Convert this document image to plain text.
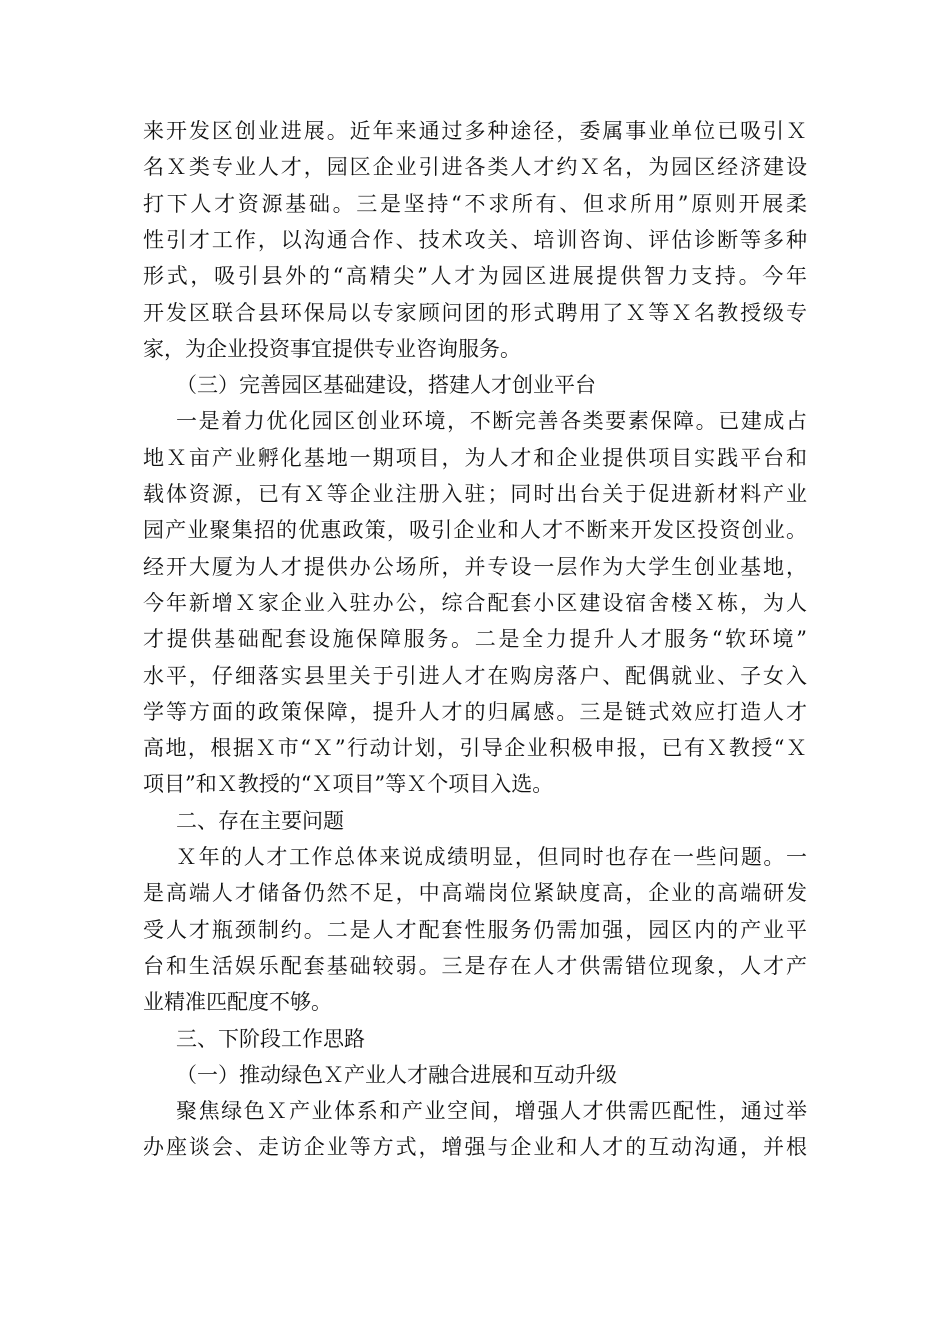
来开发区创业进展。近年来通过多种途径，委属事业单位已吸引Ｘ
名Ｘ类专业人才，园区企业引进各类人才约Ｘ名，为园区经济建设
打下人才资源基础。三是坚持“不求所有、但求所用”原则开展柔
性引才工作，以沟通合作、技术攻关、培训咨询、评估诊断等多种
形式，吸引县外的“高精尖”人才为园区进展提供智力支持。今年
开发区联合县环保局以专家顾问团的形式聘用了Ｘ等Ｘ名教授级专
家，为企业投资事宜提供专业咨询服务。
（三）完善园区基础建设，搭建人才创业平台
一是着力优化园区创业环境，不断完善各类要素保障。已建成占
地Ｘ亩产业孵化基地一期项目，为人才和企业提供项目实践平台和
载体资源，已有Ｘ等企业注册入驻；同时出台关于促进新材料产业
园产业聚集招的优惠政策，吸引企业和人才不断来开发区投资创业。
经开大厦为人才提供办公场所，并专设一层作为大学生创业基地，
今年新增Ｘ家企业入驻办公，综合配套小区建设宿舍楼Ｘ栋，为人
才提供基础配套设施保障服务。二是全力提升人才服务“软环境”
水平，仔细落实县里关于引进人才在购房落户、配偶就业、子女入
学等方面的政策保障，提升人才的归属感。三是链式效应打造人才
高地，根据Ｘ市“Ｘ”行动计划，引导企业积极申报，已有Ｘ教授“Ｘ
项目”和Ｘ教授的“Ｘ项目”等Ｘ个项目入选。
二、存在主要问题
Ｘ年的人才工作总体来说成绩明显，但同时也存在一些问题。一
是高端人才储备仍然不足，中高端岗位紧缺度高，企业的高端研发
受人才瓶颈制约。二是人才配套性服务仍需加强，园区内的产业平
台和生活娱乐配套基础较弱。三是存在人才供需错位现象，人才产
业精准匹配度不够。
三、下阶段工作思路
（一）推动绿色Ｘ产业人才融合进展和互动升级
聚焦绿色Ｘ产业体系和产业空间，增强人才供需匹配性，通过举
办座谈会、走访企业等方式，增强与企业和人才的互动沟通，并根
